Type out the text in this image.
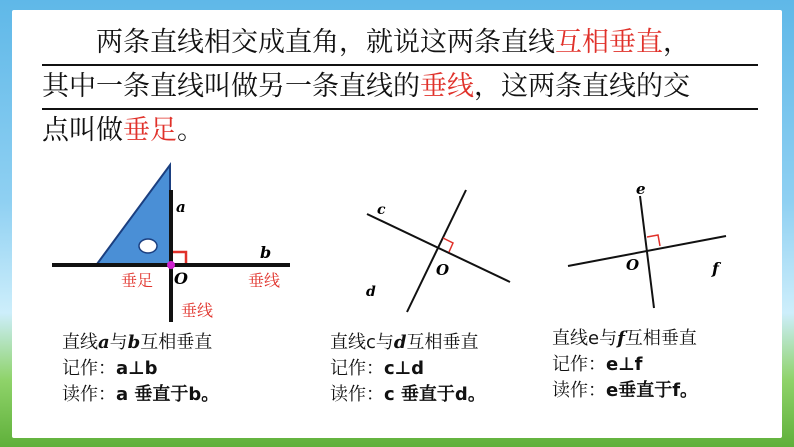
两条直线相交成直角，就说这两条直线互相垂直，
其中一条直线叫做另一条直线的垂线，这两条直线的交
点叫做垂足。
a
b
O
垂足	垂线
垂线
c
d
O
e
f
O
直线a与b互相垂直
记作：a⊥b
读作：a 垂直于b。
直线c与d互相垂直
记作：c⊥d
读作：c 垂直于d。
直线e与f互相垂直
记作：e⊥f
读作：e垂直于f。
